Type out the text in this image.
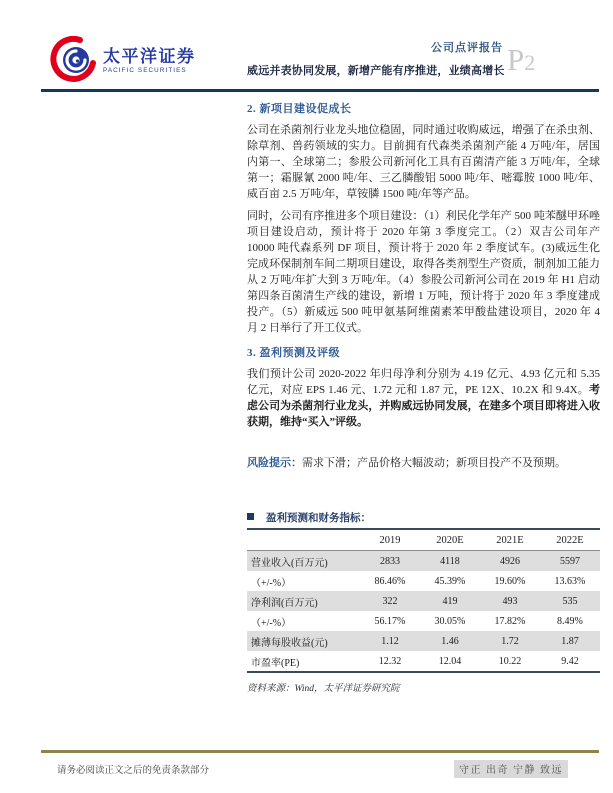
太平洋证券
PACIFIC SECURITIES
公司点评报告
威远并表协同发展，新增产能有序推进，业绩高增长 P2
2. 新项目建设促成长

公司在杀菌剂行业龙头地位稳固，同时通过收购威远，增强了在杀虫剂、除草剂、兽药领域的实力。目前拥有代森类杀菌剂产能 4 万吨/年，居国内第一、全球第二；参股公司新河化工具有百菌清产能 3 万吨/年，全球第一；霜脲氰 2000 吨/年、三乙膦酸铝 5000 吨/年、嘧霉胺 1000 吨/年、威百亩 2.5 万吨/年，草铵膦 1500 吨/年等产品。

同时，公司有序推进多个项目建设：（1）利民化学年产 500 吨苯醚甲环唑项目建设启动，预计将于 2020 年第 3 季度完工。（2）双吉公司年产 10000 吨代森系列 DF 项目，预计将于 2020 年 2 季度试车。(3)威远生化完成环保制剂车间二期项目建设，取得各类剂型生产资质，制剂加工能力从 2 万吨/年扩大到 3 万吨/年。（4）参股公司新河公司在 2019 年 H1 启动第四条百菌清生产线的建设，新增 1 万吨，预计将于 2020 年 3 季度建成投产。（5）新威远 500 吨甲氨基阿维菌素苯甲酸盐建设项目，2020 年 4 月 2 日举行了开工仪式。

3. 盈利预测及评级

我们预计公司 2020-2022 年归母净利分别为 4.19 亿元、4.93 亿元和 5.35 亿元，对应 EPS 1.46 元、1.72 元和 1.87 元，PE 12X、10.2X 和 9.4X。考虑公司为杀菌剂行业龙头，并购威远协同发展，在建多个项目即将进入收获期，维持“买入”评级。

风险提示：需求下滑；产品价格大幅波动；新项目投产不及预期。

盈利预测和财务指标：
	2019	2020E	2021E	2022E
营业收入(百万元)	2833	4118	4926	5597
（+/-%）	86.46%	45.39%	19.60%	13.63%
净利润(百万元)	322	419	493	535
（+/-%）	56.17%	30.05%	17.82%	8.49%
摊薄每股收益(元)	1.12	1.46	1.72	1.87
市盈率(PE)	12.32	12.04	10.22	9.42
资料来源：Wind，太平洋证券研究院
请务必阅读正文之后的免责条款部分	守正 出奇 宁静 致远
